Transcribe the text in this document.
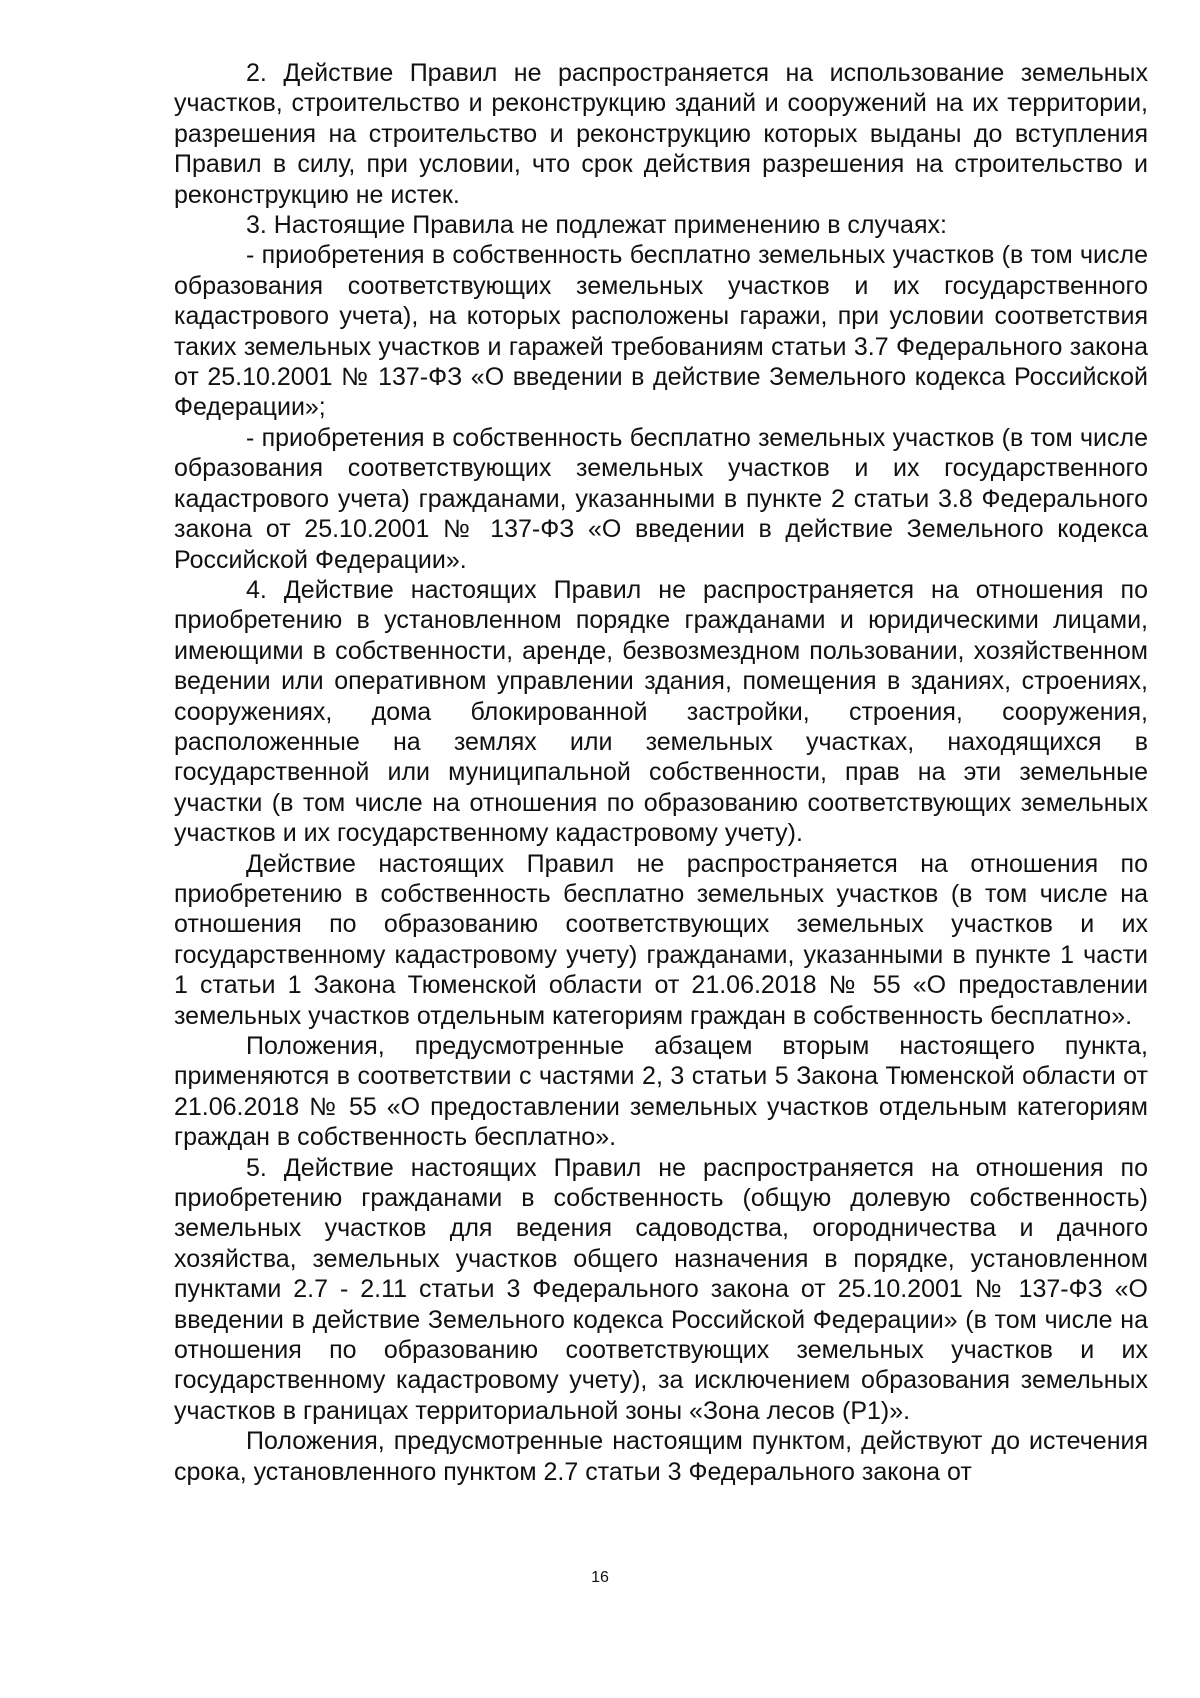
2. Действие Правил не распространяется на использование земельных участков, строительство и реконструкцию зданий и сооружений на их территории, разрешения на строительство и реконструкцию которых выданы до вступления Правил в силу, при условии, что срок действия разрешения на строительство и реконструкцию не истек.

3. Настоящие Правила не подлежат применению в случаях:

- приобретения в собственность бесплатно земельных участков (в том числе образования соответствующих земельных участков и их государственного кадастрового учета), на которых расположены гаражи, при условии соответствия таких земельных участков и гаражей требованиям статьи 3.7 Федерального закона от 25.10.2001 № 137-ФЗ «О введении в действие Земельного кодекса Российской Федерации»;

- приобретения в собственность бесплатно земельных участков (в том числе образования соответствующих земельных участков и их государственного кадастрового учета) гражданами, указанными в пункте 2 статьи 3.8 Федерального закона от 25.10.2001 № 137-ФЗ «О введении в действие Земельного кодекса Российской Федерации».

4. Действие настоящих Правил не распространяется на отношения по приобретению в установленном порядке гражданами и юридическими лицами, имеющими в собственности, аренде, безвозмездном пользовании, хозяйственном ведении или оперативном управлении здания, помещения в зданиях, строениях, сооружениях, дома блокированной застройки, строения, сооружения, расположенные на землях или земельных участках, находящихся в государственной или муниципальной собственности, прав на эти земельные участки (в том числе на отношения по образованию соответствующих земельных участков и их государственному кадастровому учету).

Действие настоящих Правил не распространяется на отношения по приобретению в собственность бесплатно земельных участков (в том числе на отношения по образованию соответствующих земельных участков и их государственному кадастровому учету) гражданами, указанными в пункте 1 части 1 статьи 1 Закона Тюменской области от 21.06.2018 № 55 «О предоставлении земельных участков отдельным категориям граждан в собственность бесплатно».

Положения, предусмотренные абзацем вторым настоящего пункта, применяются в соответствии с частями 2, 3 статьи 5 Закона Тюменской области от 21.06.2018 № 55 «О предоставлении земельных участков отдельным категориям граждан в собственность бесплатно».

5. Действие настоящих Правил не распространяется на отношения по приобретению гражданами в собственность (общую долевую собственность) земельных участков для ведения садоводства, огородничества и дачного хозяйства, земельных участков общего назначения в порядке, установленном пунктами 2.7 - 2.11 статьи 3 Федерального закона от 25.10.2001 № 137-ФЗ «О введении в действие Земельного кодекса Российской Федерации» (в том числе на отношения по образованию соответствующих земельных участков и их государственному кадастровому учету), за исключением образования земельных участков в границах территориальной зоны «Зона лесов (Р1)».

Положения, предусмотренные настоящим пунктом, действуют до истечения срока, установленного пунктом 2.7 статьи 3 Федерального закона от

16
